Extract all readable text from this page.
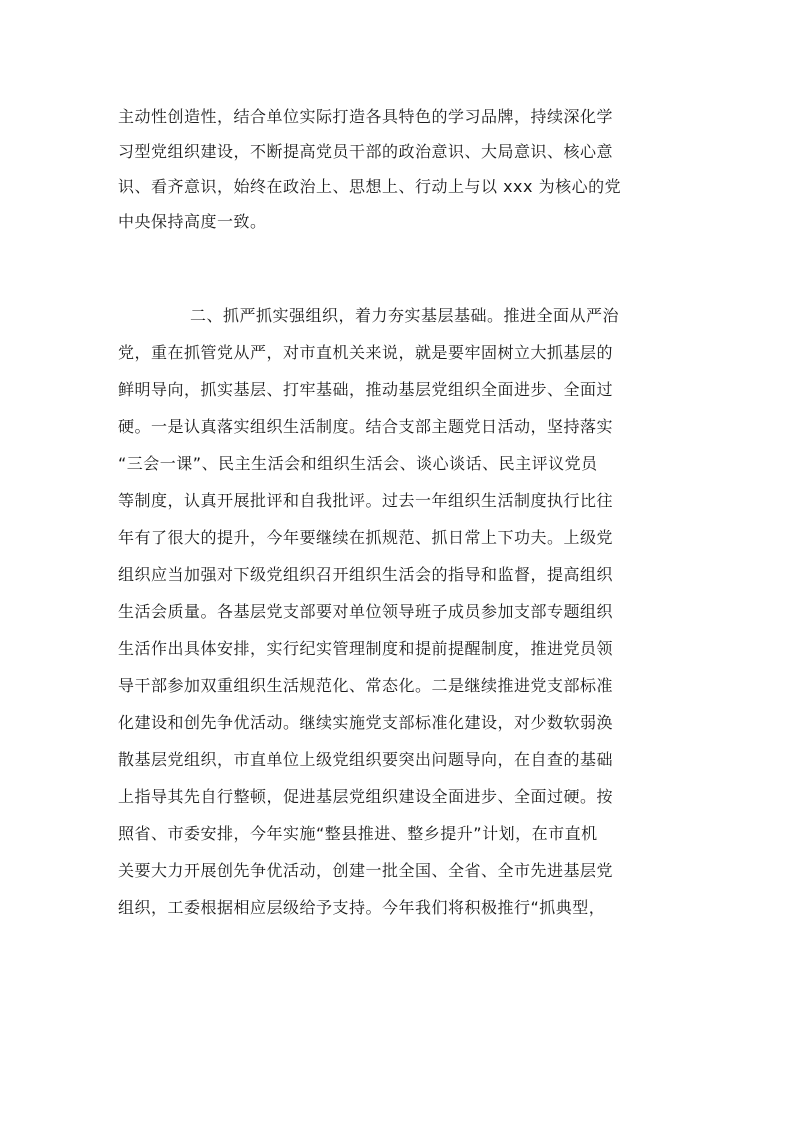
主动性创造性，结合单位实际打造各具特色的学习品牌，持续深化学
习型党组织建设，不断提高党员干部的政治意识、大局意识、核心意
识、看齐意识，始终在政治上、思想上、行动上与以 xxx 为核心的党
中央保持高度一致。
二、抓严抓实强组织，着力夯实基层基础。推进全面从严治
党，重在抓管党从严，对市直机关来说，就是要牢固树立大抓基层的
鲜明导向，抓实基层、打牢基础，推动基层党组织全面进步、全面过
硬。一是认真落实组织生活制度。结合支部主题党日活动，坚持落实
“三会一课”、民主生活会和组织生活会、谈心谈话、民主评议党员
等制度，认真开展批评和自我批评。过去一年组织生活制度执行比往
年有了很大的提升，今年要继续在抓规范、抓日常上下功夫。上级党
组织应当加强对下级党组织召开组织生活会的指导和监督，提高组织
生活会质量。各基层党支部要对单位领导班子成员参加支部专题组织
生活作出具体安排，实行纪实管理制度和提前提醒制度，推进党员领
导干部参加双重组织生活规范化、常态化。二是继续推进党支部标准
化建设和创先争优活动。继续实施党支部标准化建设，对少数软弱涣
散基层党组织，市直单位上级党组织要突出问题导向，在自查的基础
上指导其先自行整顿，促进基层党组织建设全面进步、全面过硬。按
照省、市委安排，今年实施“整县推进、整乡提升”计划，在市直机
关要大力开展创先争优活动，创建一批全国、全省、全市先进基层党
组织，工委根据相应层级给予支持。今年我们将积极推行“抓典型，
